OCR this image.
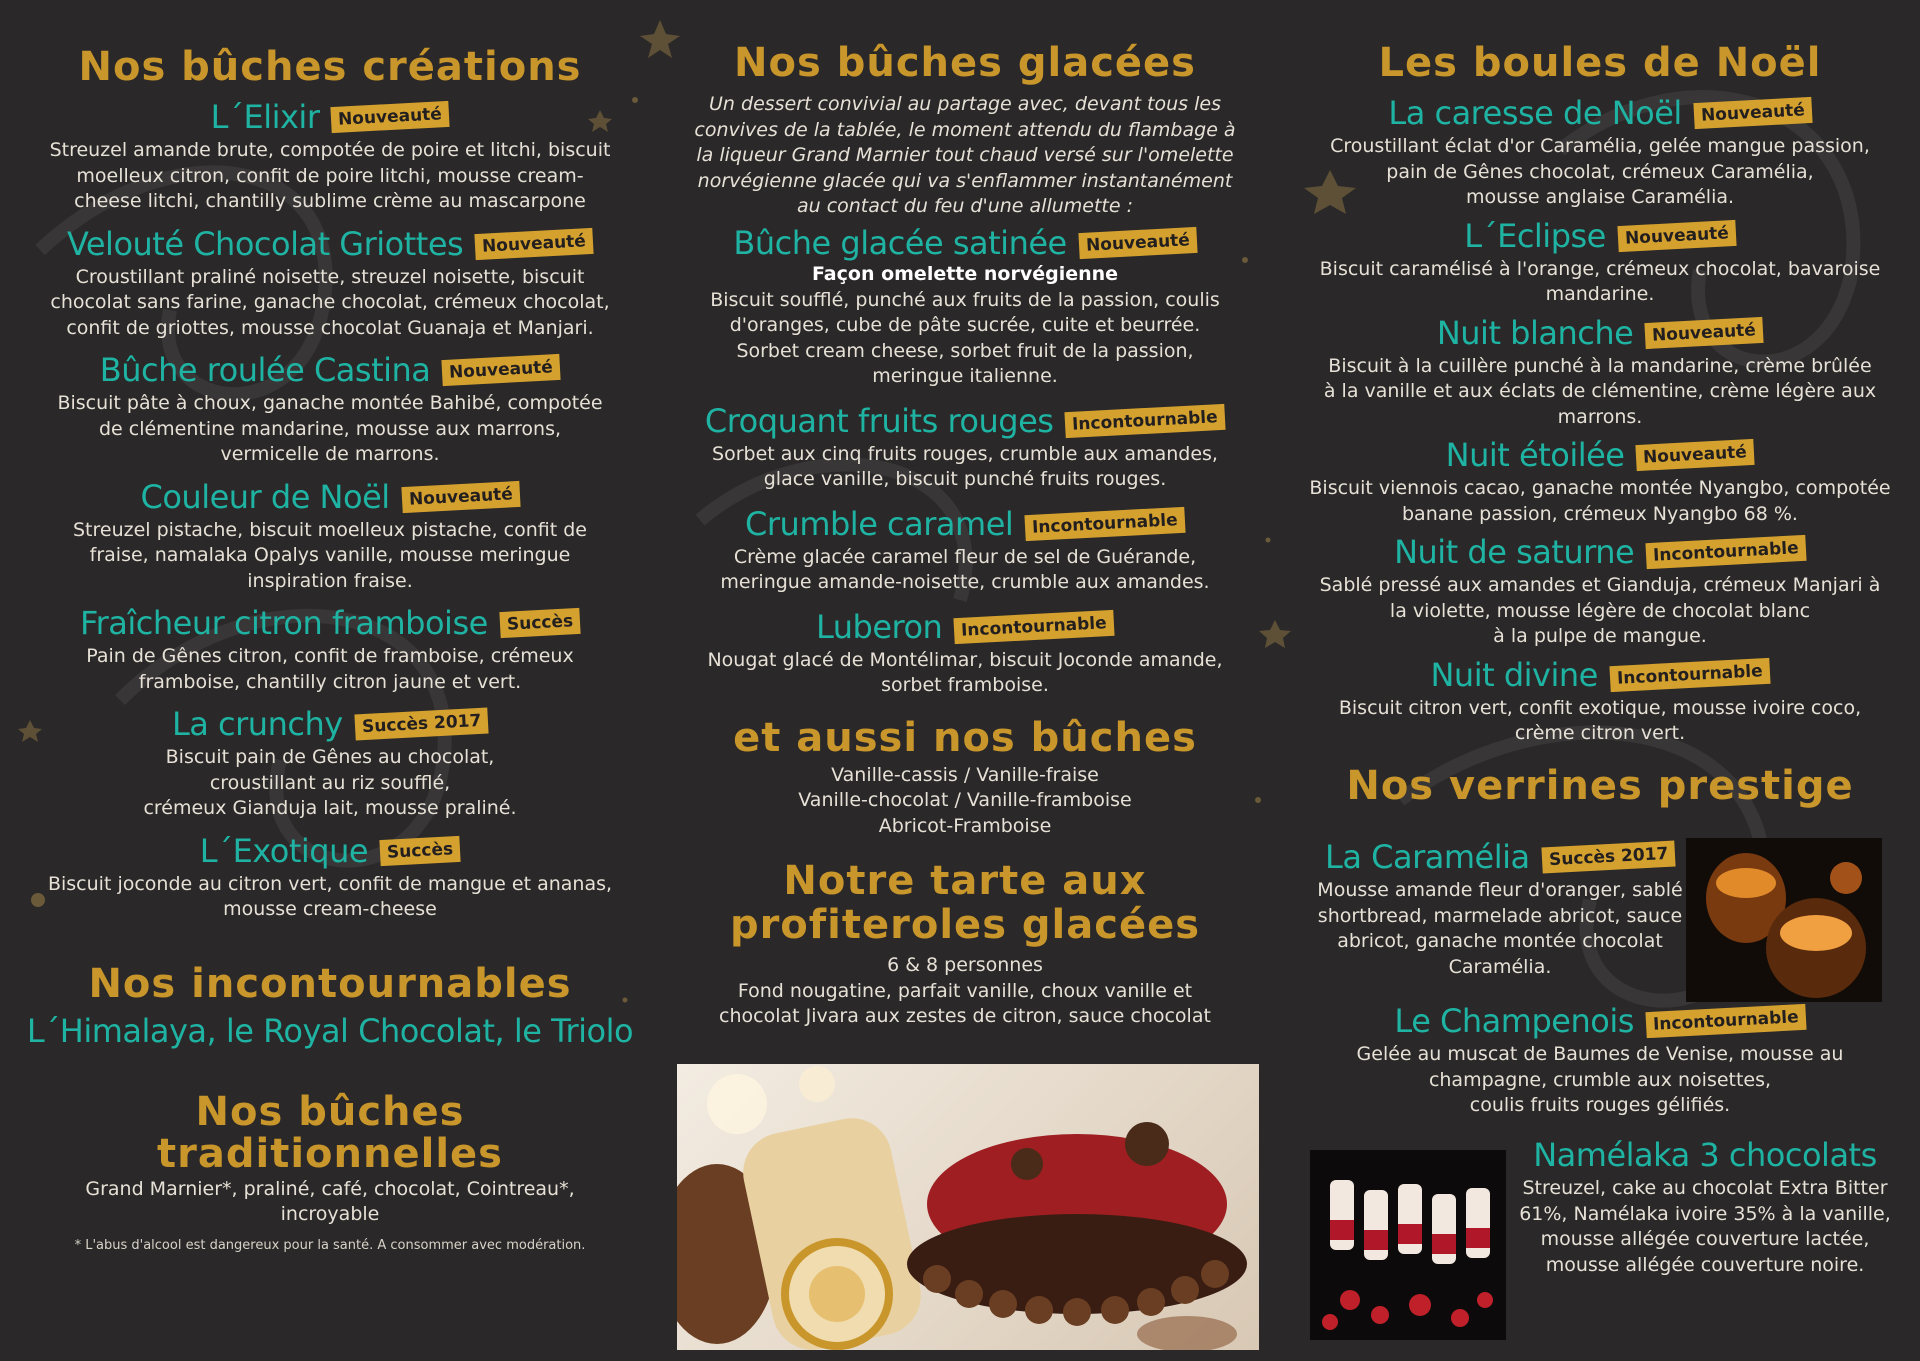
Nos bûches créations
L´Elixir Nouveauté
Streuzel amande brute, compotée de poire et litchi, biscuit
moelleux citron, confit de poire litchi, mousse cream-
cheese litchi, chantilly sublime crème au mascarpone
Velouté Chocolat Griottes Nouveauté
Croustillant praliné noisette, streuzel noisette, biscuit
chocolat sans farine, ganache chocolat, crémeux chocolat,
confit de griottes, mousse chocolat Guanaja et Manjari.
Bûche roulée Castina Nouveauté
Biscuit pâte à choux, ganache montée Bahibé, compotée
de clémentine mandarine, mousse aux marrons,
vermicelle de marrons.
Couleur de Noël Nouveauté
Streuzel pistache, biscuit moelleux pistache, confit de
fraise, namalaka Opalys vanille, mousse meringue
inspiration fraise.
Fraîcheur citron framboise Succès
Pain de Gênes citron, confit de framboise, crémeux
framboise, chantilly citron jaune et vert.
La crunchy Succès 2017
Biscuit pain de Gênes au chocolat,
croustillant au riz soufflé,
crémeux Gianduja lait, mousse praliné.
L´Exotique Succès
Biscuit joconde au citron vert, confit de mangue et ananas,
mousse cream-cheese
Nos incontournables
L´Himalaya, le Royal Chocolat, le Triolo
Nos bûches
traditionnelles
Grand Marnier*, praliné, café, chocolat, Cointreau*,
incroyable
* L'abus d'alcool est dangereux pour la santé. A consommer avec modération.
Nos bûches glacées
Un dessert convivial au partage avec, devant tous les
convives de la tablée, le moment attendu du flambage à
la liqueur Grand Marnier tout chaud versé sur l'omelette
norvégienne glacée qui va s'enflammer instantanément
au contact du feu d'une allumette :
Bûche glacée satinée Nouveauté
Façon omelette norvégienne
Biscuit soufflé, punché aux fruits de la passion, coulis
d'oranges, cube de pâte sucrée, cuite et beurrée.
Sorbet cream cheese, sorbet fruit de la passion,
meringue italienne.
Croquant fruits rouges Incontournable
Sorbet aux cinq fruits rouges, crumble aux amandes,
glace vanille, biscuit punché fruits rouges.
Crumble caramel Incontournable
Crème glacée caramel fleur de sel de Guérande,
meringue amande-noisette, crumble aux amandes.
Luberon Incontournable
Nougat glacé de Montélimar, biscuit Joconde amande,
sorbet framboise.
et aussi nos bûches
Vanille-cassis / Vanille-fraise
Vanille-chocolat / Vanille-framboise
Abricot-Framboise
Notre tarte aux
profiteroles glacées
6 & 8 personnes
Fond nougatine, parfait vanille, choux vanille et
chocolat Jivara aux zestes de citron, sauce chocolat
Les boules de Noël
La caresse de Noël Nouveauté
Croustillant éclat d'or Caramélia, gelée mangue passion,
pain de Gênes chocolat, crémeux Caramélia,
mousse anglaise Caramélia.
L´Eclipse Nouveauté
Biscuit caramélisé à l'orange, crémeux chocolat, bavaroise
mandarine.
Nuit blanche Nouveauté
Biscuit à la cuillère punché à la mandarine, crème brûlée
à la vanille et aux éclats de clémentine, crème légère aux
marrons.
Nuit étoilée Nouveauté
Biscuit viennois cacao, ganache montée Nyangbo, compotée
banane passion, crémeux Nyangbo 68 %.
Nuit de saturne Incontournable
Sablé pressé aux amandes et Gianduja, crémeux Manjari à
la violette, mousse légère de chocolat blanc
à la pulpe de mangue.
Nuit divine Incontournable
Biscuit citron vert, confit exotique, mousse ivoire coco,
crème citron vert.
Nos verrines prestige
La Caramélia Succès 2017
Mousse amande fleur d'oranger, sablé
shortbread, marmelade abricot, sauce
abricot, ganache montée chocolat
Caramélia.
Le Champenois Incontournable
Gelée au muscat de Baumes de Venise, mousse au
champagne, crumble aux noisettes,
coulis fruits rouges gélifiés.
Namélaka 3 chocolats
Streuzel, cake au chocolat Extra Bitter
61%, Namélaka ivoire 35% à la vanille,
mousse allégée couverture lactée,
mousse allégée couverture noire.
